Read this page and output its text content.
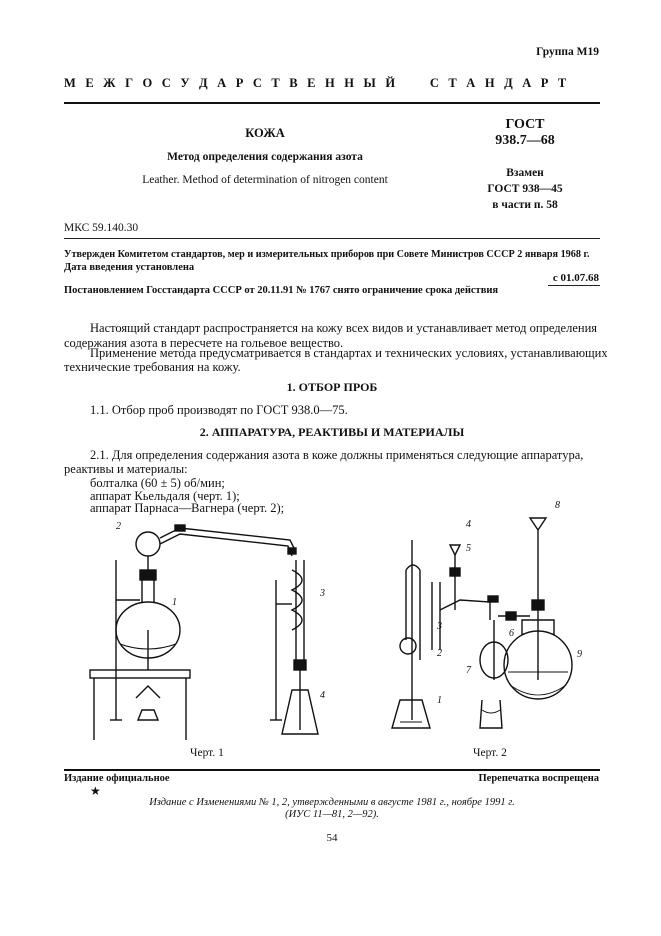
Группа М19
М Е Ж Г О С У Д А Р С Т В Е Н Н Ы Й     С Т А Н Д А Р Т
КОЖА
Метод определения содержания азота
Leather. Method of determination of nitrogen content
ГОСТ
938.7—68
Взамен
ГОСТ 938—45
в части п. 58
МКС 59.140.30
Утвержден Комитетом стандартов, мер и измерительных приборов при Совете Министров СССР 2 января 1968 г.
Дата введения установлена
с 01.07.68
Постановлением Госстандарта СССР от 20.11.91 № 1767 снято ограничение срока действия
Настоящий стандарт распространяется на кожу всех видов и устанавливает метод определения
содержания азота в пересчете на гольевое вещество.
Применение метода предусматривается в стандартах и технических условиях, устанавливающих
технические требования на кожу.
1. ОТБОР ПРОБ
1.1. Отбор проб производят по ГОСТ 938.0—75.
2. АППАРАТУРА, РЕАКТИВЫ И МАТЕРИАЛЫ
2.1. Для определения содержания азота в коже должны применяться следующие аппаратура,
реактивы и материалы:
болталка (60 ± 5) об/мин;
аппарат Кьельдаля (черт. 1);
аппарат Парнаса—Вагнера (черт. 2);
2
1
3
4
Черт. 1
4
5
3
2
1
8
6
7
9
Черт. 2
Издание официальное	Перепечатка воспрещена
★
Издание с Изменениями № 1, 2, утвержденными в августе 1981 г., ноябре 1991 г.
(ИУС 11—81, 2—92).
54
